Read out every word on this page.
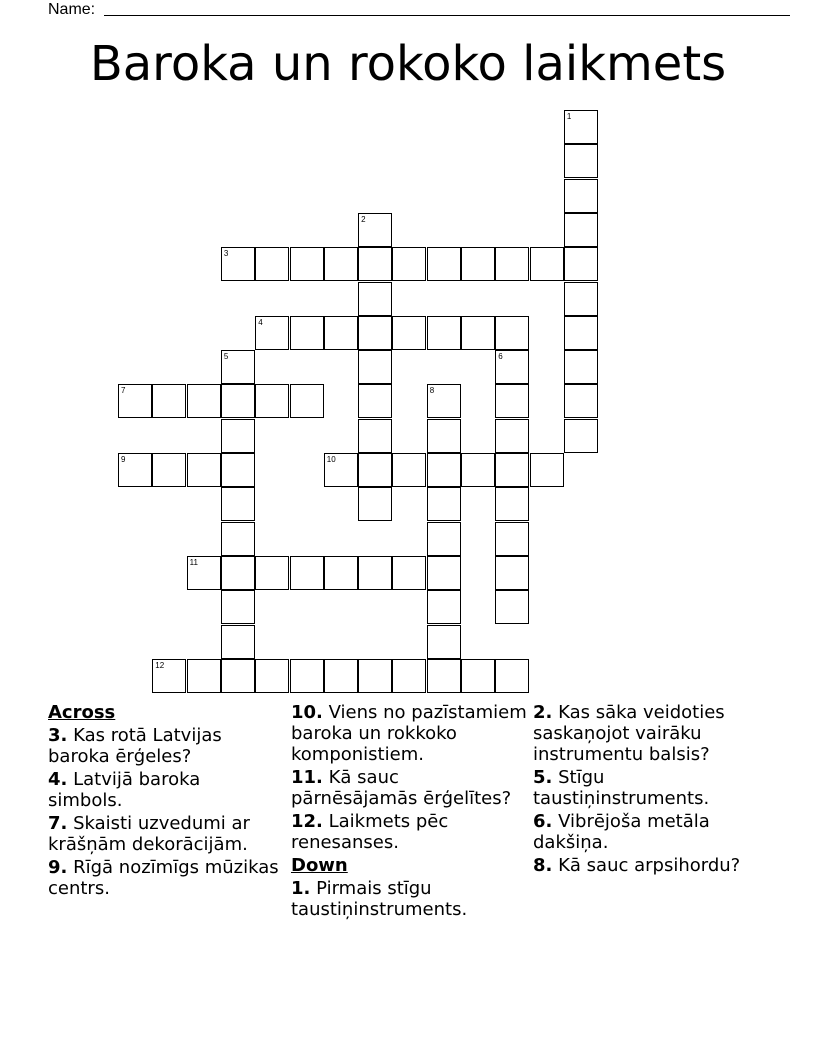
Name:
Baroka un rokoko laikmets
1
2
3
4
5	6
7	8
9	10
11
12
Across
3. Kas rotā Latvijas baroka ērģeles?
4. Latvijā baroka simbols.
7. Skaisti uzvedumi ar krāšņām dekorācijām.
9. Rīgā nozīmīgs mūzikas centrs.
10. Viens no pazīstamiem baroka un rokkoko komponistiem.
11. Kā sauc pārnēsājamās ērģelītes?
12. Laikmets pēc renesanses.
Down
1. Pirmais stīgu taustiņinstruments.
2. Kas sāka veidoties saskaņojot vairāku instrumentu balsis?
5. Stīgu taustiņinstruments.
6. Vibrējoša metāla dakšiņa.
8. Kā sauc arpsihordu?
